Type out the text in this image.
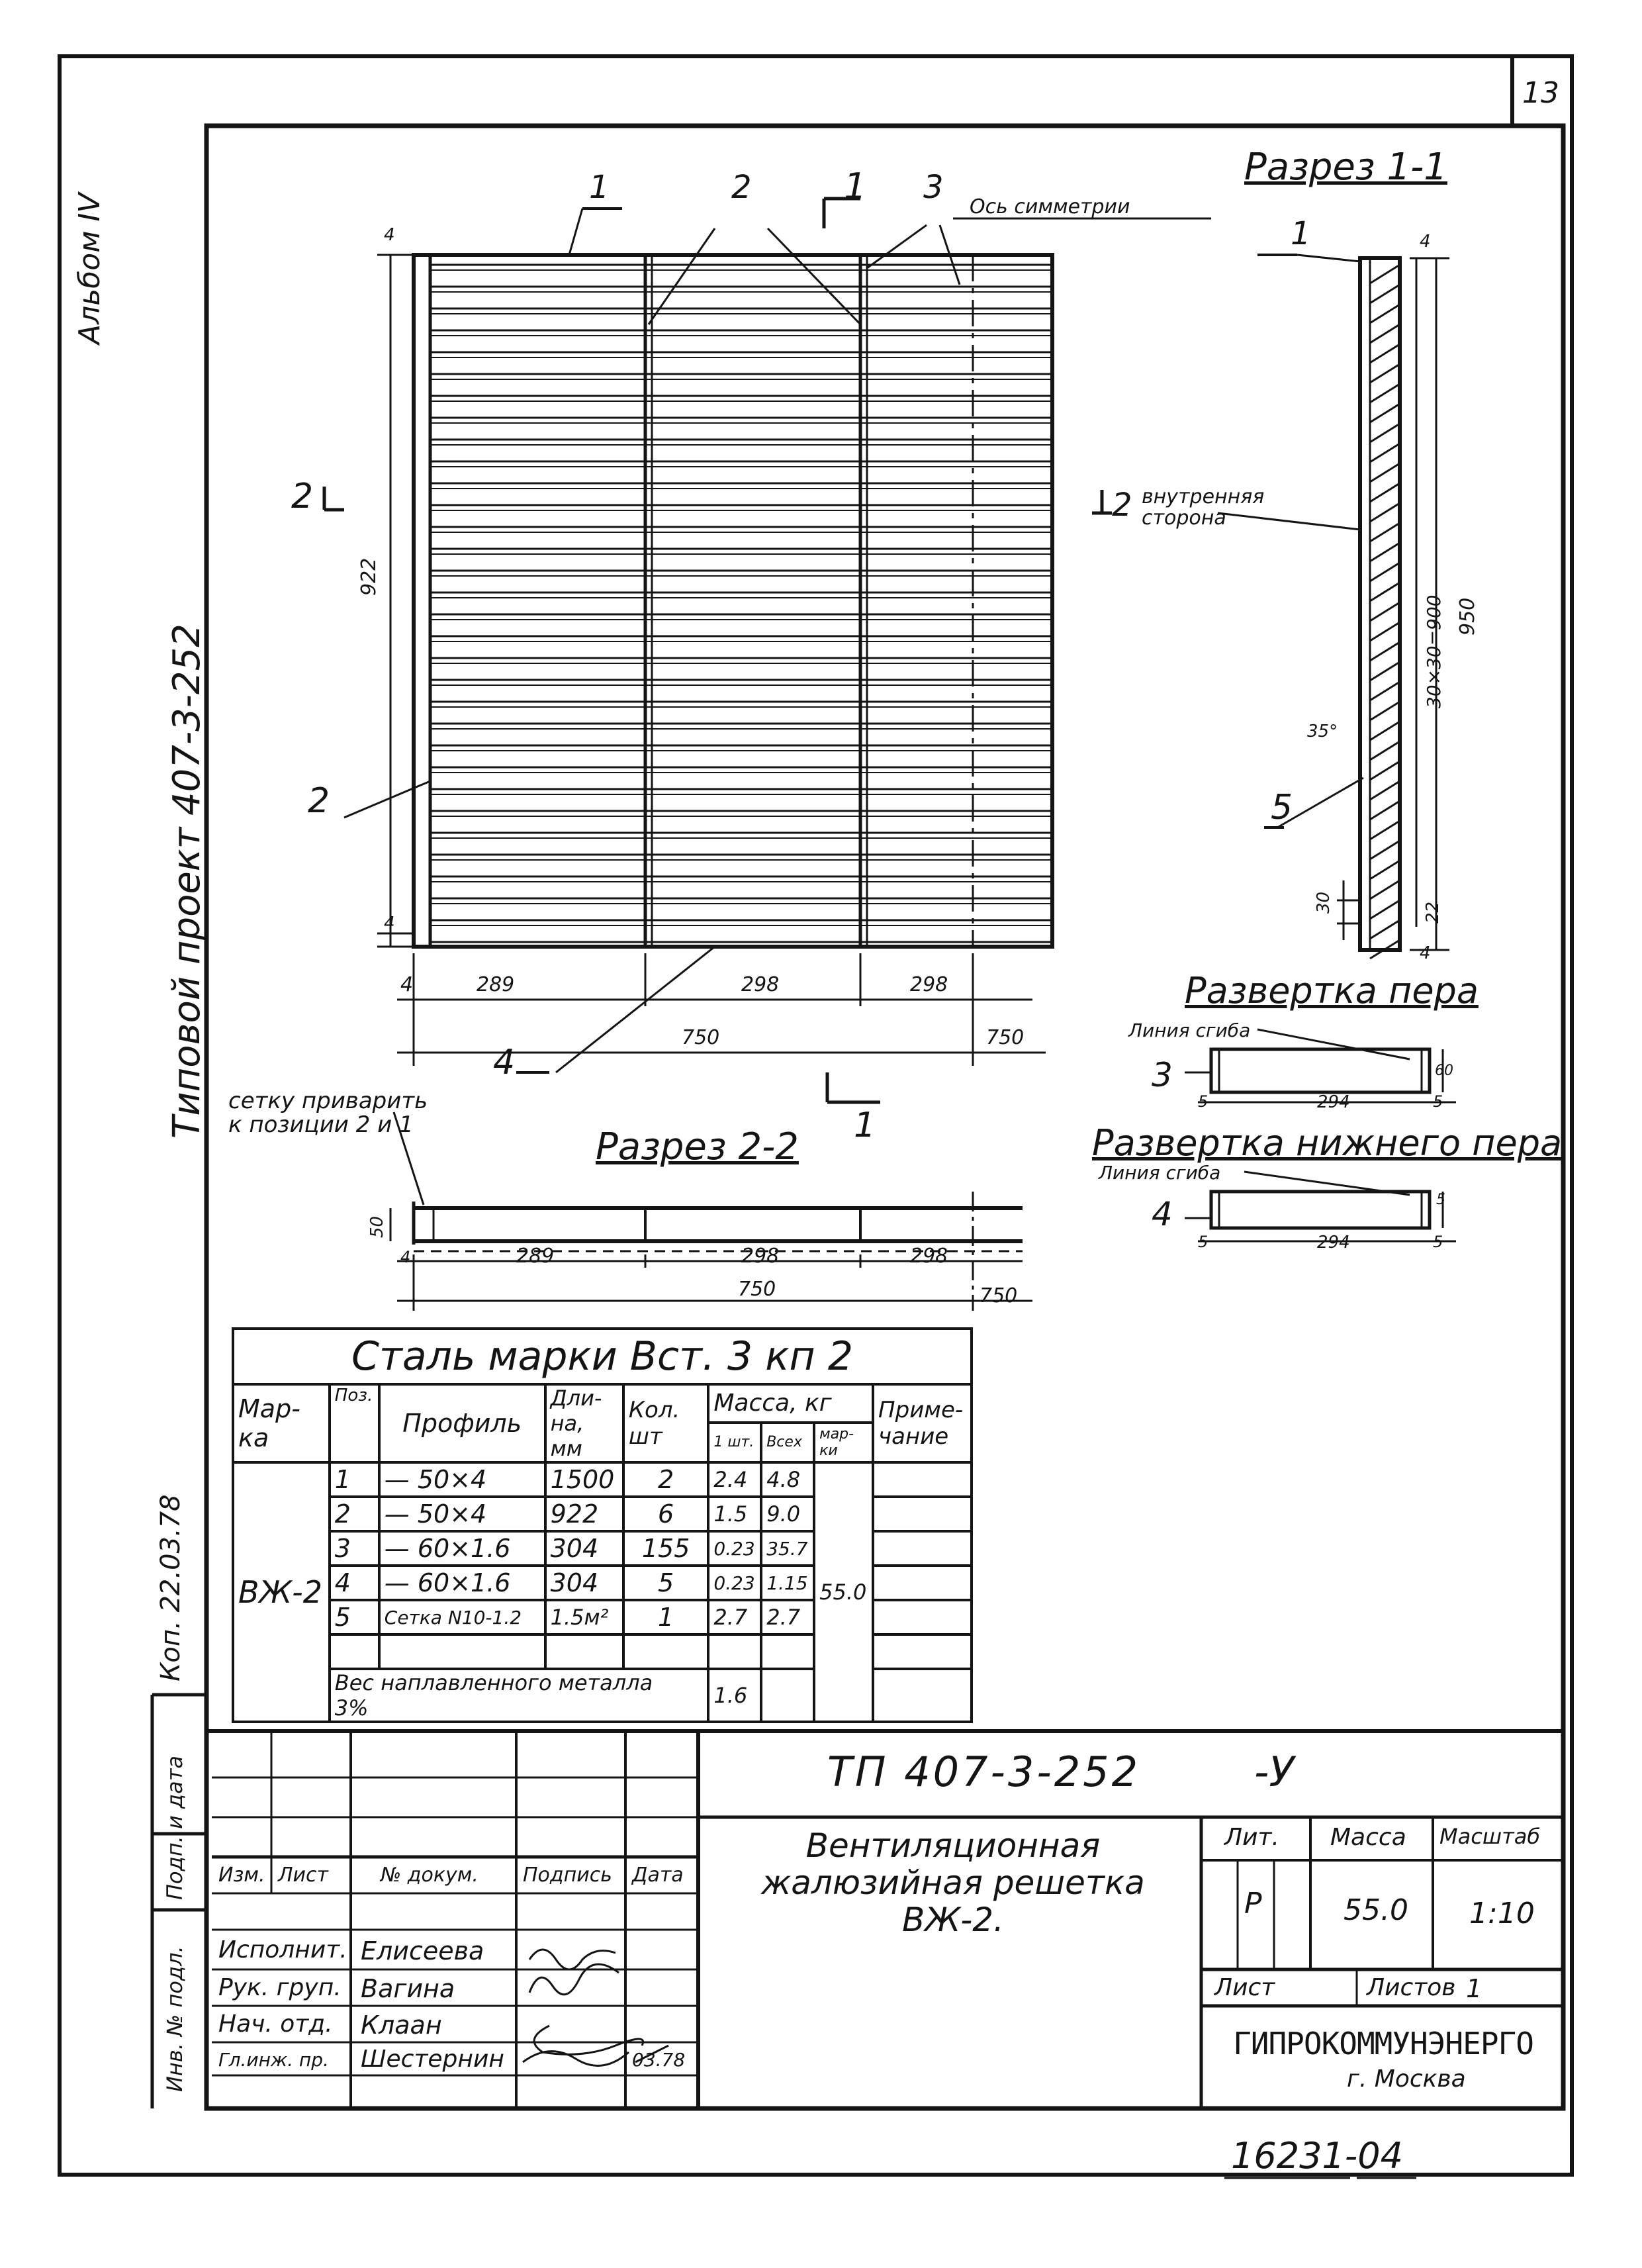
13
Альбом IV
Типовой проект 407-3-252
Коп. 22.03.78
1	2	3
1
2
4
Ось симметрии
2
1
4
4
922
4	289	298	298
750	750
сетку приварить к позиции 2 и 1
Разрез 1-1
1
2
5
внутренняя сторона
4
950
30×30=900
35°
30	22
4
Развертка пера
Линия сгиба
3
5	294	5
60
Развертка нижнего пера
Линия сгиба
4
5	294	5
5
Разрез 2-2
50
4	289	298	298
750	750
Сталь марки Вст. 3 кп 2								
Мар-ка	Поз.	Профиль	Дли-на, мм	Кол. шт	Масса, кг			Приме-чание
					1 шт.	Всех	мар-ки	
ВЖ-2	1	— 50×4	1500	2	2.4	4.8	55.0	
	2	— 50×4	922	6	1.5	9.0		
	3	— 60×1.6	304	155	0.23	35.7		
	4	— 60×1.6	304	5	0.23	1.15		
	5	Сетка N10-1.2	1.5м²	1	2.7	2.7		

	Вес наплавленного металла   3%				1.6			
ТП 407-3-252	-У
Изм. Лист	№ докум. Подпись Дата
Исполнит. Елисеева
Рук. груп. Вагина
Нач. отд. Клаан
Гл.инж. пр. Шестернин	03.78
Вентиляционная жалюзийная решетка ВЖ-2.
Лит. Масса Масштаб
Р	55.0 1:10
Лист	Листов 1
ГИПРОКОММУНЭНЕРГО
г. Москва
Инв. № подл.
Подп. и дата
16231-04
